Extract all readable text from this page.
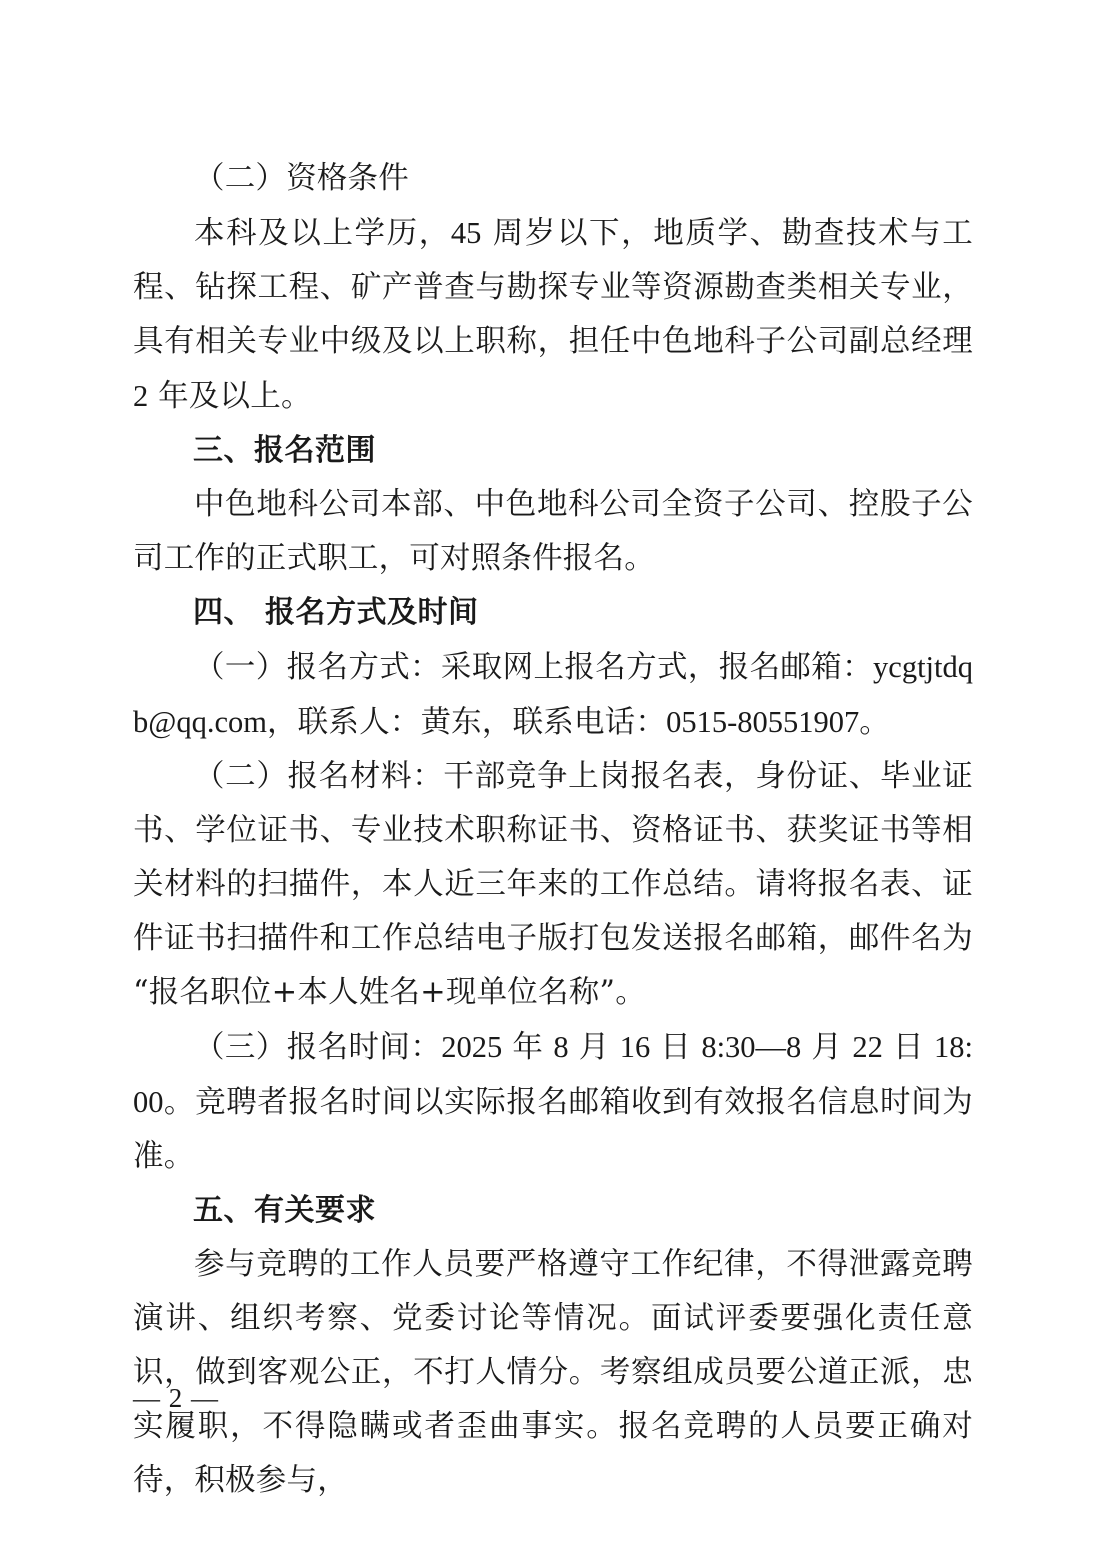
（二）资格条件

本科及以上学历，45 周岁以下，地质学、勘查技术与工程、钻探工程、矿产普查与勘探专业等资源勘查类相关专业，具有相关专业中级及以上职称，担任中色地科子公司副总经理 2 年及以上。

三、报名范围

中色地科公司本部、中色地科公司全资子公司、控股子公司工作的正式职工，可对照条件报名。

四、 报名方式及时间

（一）报名方式：采取网上报名方式，报名邮箱：ycgtjtdqb@qq.com，联系人：黄东，联系电话：0515-80551907。

（二）报名材料：干部竞争上岗报名表，身份证、毕业证书、学位证书、专业技术职称证书、资格证书、获奖证书等相关材料的扫描件，本人近三年来的工作总结。请将报名表、证件证书扫描件和工作总结电子版打包发送报名邮箱，邮件名为“报名职位+本人姓名+现单位名称”。

（三）报名时间：2025 年 8 月 16 日 8:30—8 月 22 日 18:00。竞聘者报名时间以实际报名邮箱收到有效报名信息时间为准。

五、有关要求

参与竞聘的工作人员要严格遵守工作纪律，不得泄露竞聘演讲、组织考察、党委讨论等情况。面试评委要强化责任意识，做到客观公正，不打人情分。考察组成员要公道正派，忠实履职，不得隐瞒或者歪曲事实。报名竞聘的人员要正确对待，积极参与，

— 2 —
